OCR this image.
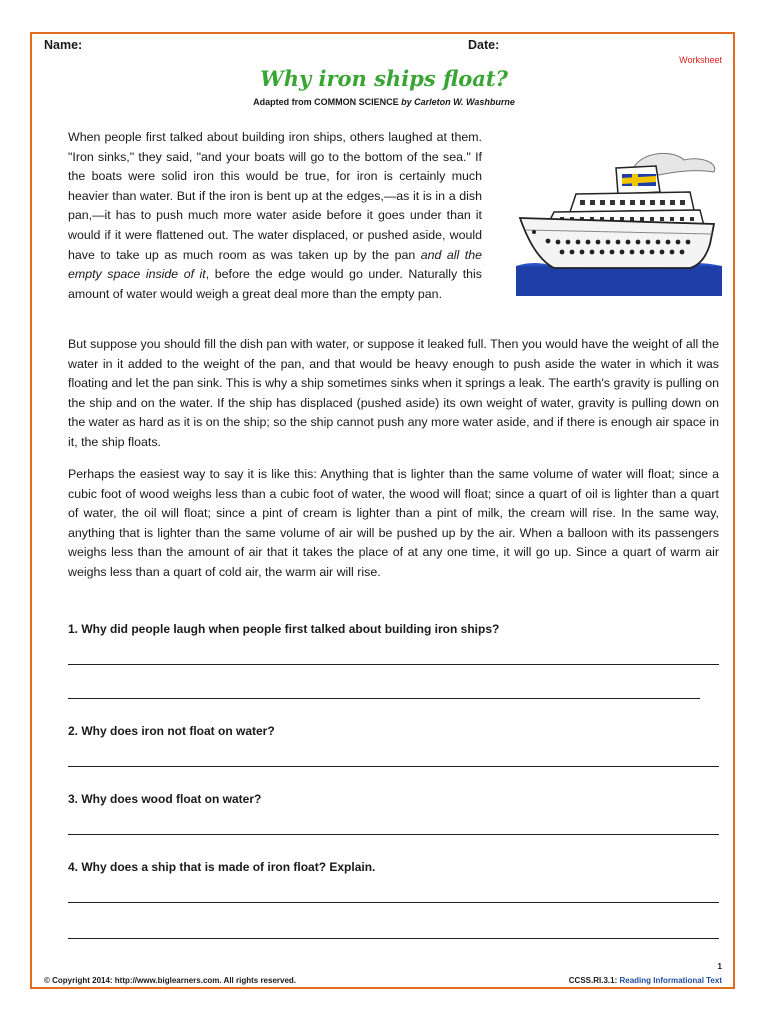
Name:	Date:
Worksheet
Why iron ships float?
Adapted from COMMON SCIENCE by Carleton W. Washburne

When people first talked about building iron ships, others laughed at them. "Iron sinks," they said, "and your boats will go to the bottom of the sea." If the boats were solid iron this would be true, for iron is certainly much heavier than water. But if the iron is bent up at the edges,—as it is in a dish pan,—it has to push much more water aside before it goes under than it would if it were flattened out. The water displaced, or pushed aside, would have to take up as much room as was taken up by the pan and all the empty space inside of it, before the edge would go under. Naturally this amount of water would weigh a great deal more than the empty pan.

But suppose you should fill the dish pan with water, or suppose it leaked full. Then you would have the weight of all the water in it added to the weight of the pan, and that would be heavy enough to push aside the water in which it was floating and let the pan sink. This is why a ship sometimes sinks when it springs a leak. The earth's gravity is pulling on the ship and on the water. If the ship has displaced (pushed aside) its own weight of water, gravity is pulling down on the water as hard as it is on the ship; so the ship cannot push any more water aside, and if there is enough air space in it, the ship floats.

Perhaps the easiest way to say it is like this: Anything that is lighter than the same volume of water will float; since a cubic foot of wood weighs less than a cubic foot of water, the wood will float; since a quart of oil is lighter than a quart of water, the oil will float; since a pint of cream is lighter than a pint of milk, the cream will rise. In the same way, anything that is lighter than the same volume of air will be pushed up by the air. When a balloon with its passengers weighs less than the amount of air that it takes the place of at any one time, it will go up. Since a quart of warm air weighs less than a quart of cold air, the warm air will rise.

1. Why did people laugh when people first talked about building iron ships?
2. Why does iron not float on water?
3. Why does wood float on water?
4. Why does a ship that is made of iron float? Explain.
1
© Copyright 2014: http://www.biglearners.com. All rights reserved.	CCSS.RI.3.1: Reading Informational Text
